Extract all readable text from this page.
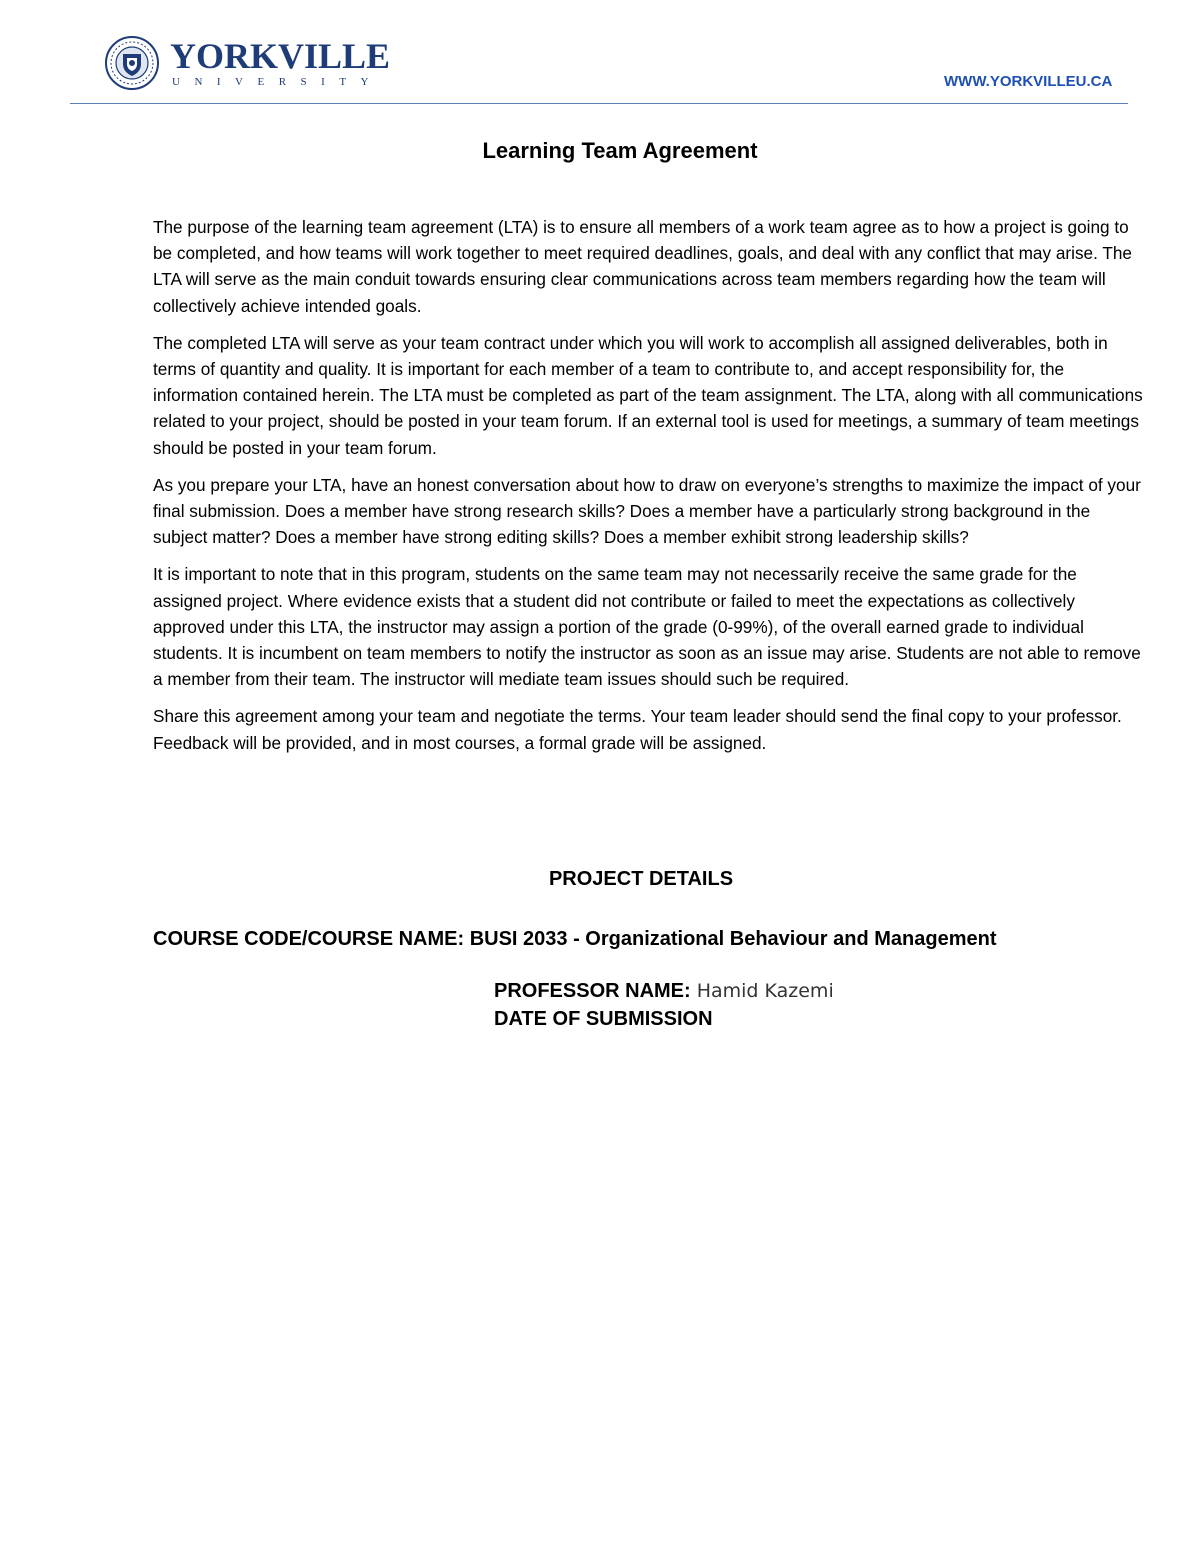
YORKVILLE
UNIVERSITY	WWW.YORKVILLEU.CA
Learning Team Agreement

The purpose of the learning team agreement (LTA) is to ensure all members of a work team agree as to how a project is going to be completed, and how teams will work together to meet required deadlines, goals, and deal with any conflict that may arise. The LTA will serve as the main conduit towards ensuring clear communications across team members regarding how the team will collectively achieve intended goals.

The completed LTA will serve as your team contract under which you will work to accomplish all assigned deliverables, both in terms of quantity and quality. It is important for each member of a team to contribute to, and accept responsibility for, the information contained herein. The LTA must be completed as part of the team assignment. The LTA, along with all communications related to your project, should be posted in your team forum. If an external tool is used for meetings, a summary of team meetings should be posted in your team forum.

As you prepare your LTA, have an honest conversation about how to draw on everyone’s strengths to maximize the impact of your final submission. Does a member have strong research skills? Does a member have a particularly strong background in the subject matter? Does a member have strong editing skills? Does a member exhibit strong leadership skills?

It is important to note that in this program, students on the same team may not necessarily receive the same grade for the assigned project. Where evidence exists that a student did not contribute or failed to meet the expectations as collectively approved under this LTA, the instructor may assign a portion of the grade (0-99%), of the overall earned grade to individual students. It is incumbent on team members to notify the instructor as soon as an issue may arise. Students are not able to remove a member from their team. The instructor will mediate team issues should such be required.

Share this agreement among your team and negotiate the terms. Your team leader should send the final copy to your professor. Feedback will be provided, and in most courses, a formal grade will be assigned.

PROJECT DETAILS
COURSE CODE/COURSE NAME: BUSI 2033 - Organizational Behaviour and Management
PROFESSOR NAME: Hamid Kazemi
DATE OF SUBMISSION
